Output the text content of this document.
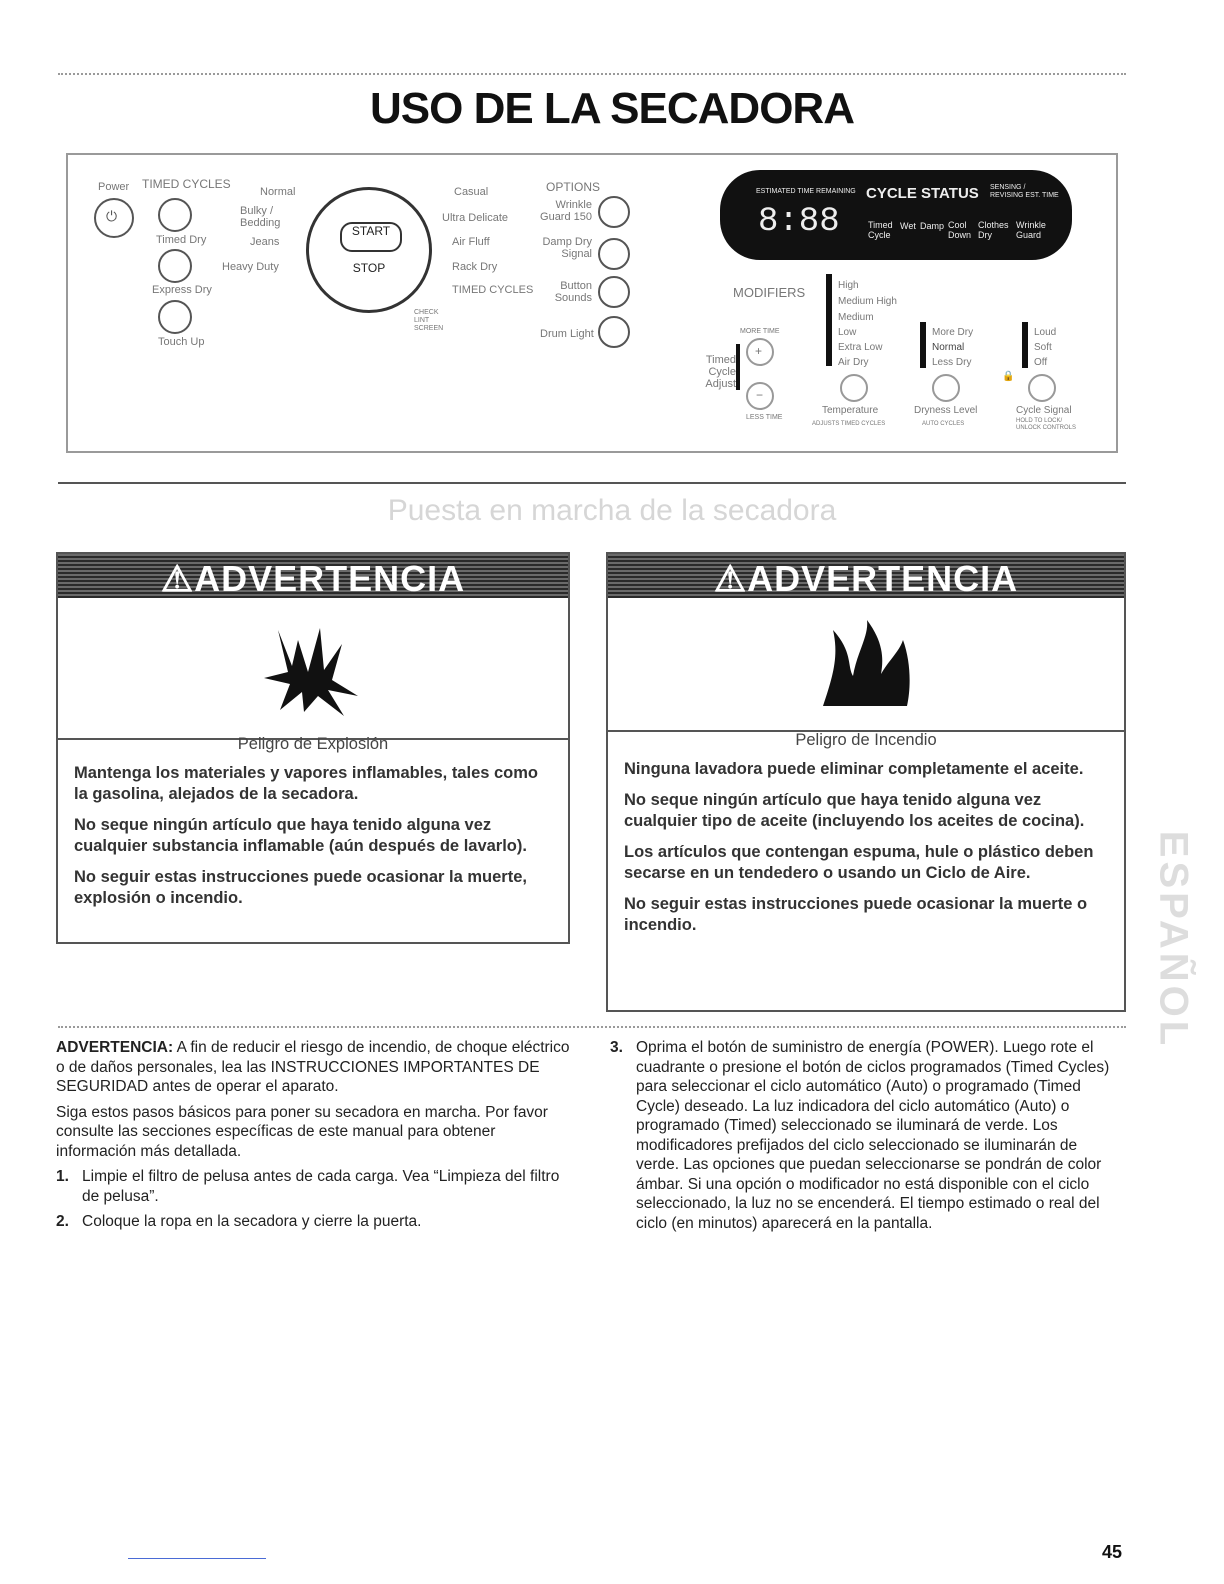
USO DE LA SECADORA
Power
⏻
TIMED CYCLES
Timed Dry
Express Dry
Touch Up
Normal
Bulky / Bedding
Jeans
Heavy Duty
START
STOP
CHECK LINT SCREEN
Casual
Ultra Delicate
Air Fluff
Rack Dry
TIMED CYCLES
OPTIONS
Wrinkle Guard 150
Damp Dry Signal
Button Sounds
Drum Light
ESTIMATED TIME REMAINING
8:88
CYCLE STATUS SENSING / REVISING EST. TIME
Timed Cycle
Wet Damp Cool Down
Clothes Dry
Wrinkle Guard
MODIFIERS	High
Medium High
Medium
Low
Extra Low
Air Dry
More Dry
Normal
Less Dry
Loud
Soft
Off
MORE TIME
+
Timed Cycle Adjust
−
LESS TIME
Temperature
ADJUSTS TIMED CYCLES
Dryness Level
AUTO CYCLES
🔒
Cycle Signal
HOLD TO LOCK/ UNLOCK CONTROLS
Puesta en marcha de la secadora
⚠ADVERTENCIA
Peligro de Explosión

Mantenga los materiales y vapores inflamables, tales como la gasolina, alejados de la secadora.

No seque ningún artículo que haya tenido alguna vez cualquier substancia inflamable (aún después de lavarlo).

No seguir estas instrucciones puede ocasionar la muerte, explosión o incendio.

⚠ADVERTENCIA
Peligro de Incendio

Ninguna lavadora puede eliminar completamente el aceite.

No seque ningún artículo que haya tenido alguna vez cualquier tipo de aceite (incluyendo los aceites de cocina).

Los artículos que contengan espuma, hule o plástico deben secarse en un tendedero o usando un Ciclo de Aire.

No seguir estas instrucciones puede ocasionar la muerte o incendio.

ADVERTENCIA: A fin de reducir el riesgo de incendio, de choque eléctrico o de daños personales, lea las INSTRUCCIONES IMPORTANTES DE SEGURIDAD antes de operar el aparato.

Siga estos pasos básicos para poner su secadora en marcha. Por favor consulte las secciones específicas de este manual para obtener información más detallada.

1. Limpie el filtro de pelusa antes de cada carga. Vea “Limpieza del filtro de pelusa”.
2. Coloque la ropa en la secadora y cierre la puerta.
3. Oprima el botón de suministro de energía (POWER). Luego rote el cuadrante o presione el botón de ciclos programados (Timed Cycles) para seleccionar el ciclo automático (Auto) o programado (Timed Cycle) deseado. La luz indicadora del ciclo automático (Auto) o programado (Timed) seleccionado se iluminará de verde. Los modificadores prefijados del ciclo seleccionado se iluminarán de verde. Las opciones que puedan seleccionarse se pondrán de color ámbar. Si una opción o modificador no está disponible con el ciclo seleccionado, la luz no se encenderá. El tiempo estimado o real del ciclo (en minutos) aparecerá en la pantalla.
ESPAÑOL
45
